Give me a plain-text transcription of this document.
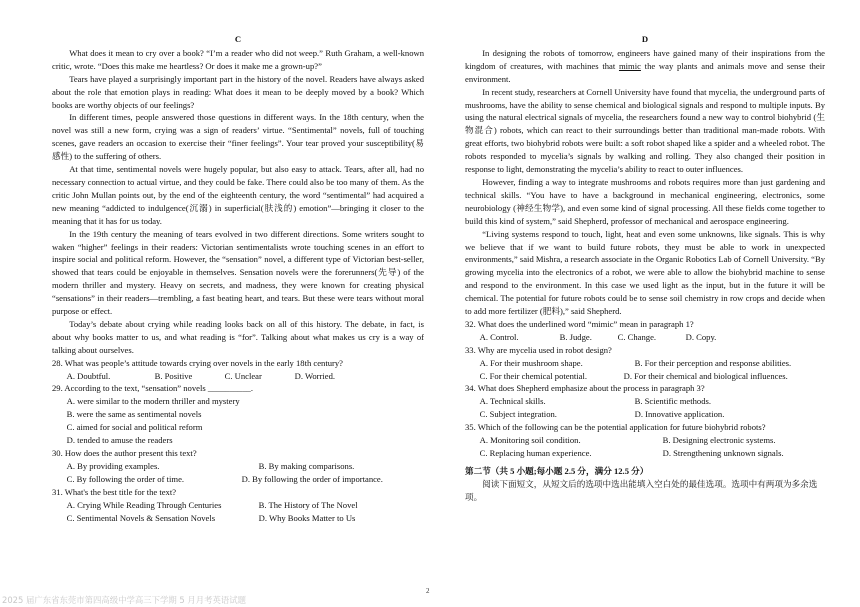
C

What does it mean to cry over a book? “I’m a reader who did not weep.” Ruth Graham, a well-known critic, wrote. “Does this make me heartless? Or does it make me a grown-up?”

Tears have played a surprisingly important part in the history of the novel. Readers have always asked about the role that emotion plays in reading: What does it mean to be deeply moved by a book? Which books are worthy objects of our feelings?

In different times, people answered those questions in different ways. In the 18th century, when the novel was still a new form, crying was a sign of readers’ virtue. “Sentimental” novels, full of touching scenes, gave readers an occasion to exercise their “finer feelings”. Your tear proved your susceptibility(易感性) to the suffering of others.

At that time, sentimental novels were hugely popular, but also easy to attack. Tears, after all, had no necessary connection to actual virtue, and they could be fake. There could also be too many of them. As the critic John Mullan points out, by the end of the eighteenth century, the word “sentimental” had acquired a new meaning “addicted to indulgence(沉溺) in superficial(肤浅的) emotion”—bringing it closer to the meaning that it has for us today.

In the 19th century the meaning of tears evolved in two different directions. Some writers sought to waken “higher” feelings in their readers: Victorian sentimentalists wrote touching scenes in an effort to inspire social and political reform. However, the “sensation” novel, a different type of Victorian best-seller, showed that tears could be enjoyable in themselves. Sensation novels were the forerunners(先导) of the modern thriller and mystery. Heavy on secrets, and madness, they were known for creating physical “sensations” in their readers—trembling, a fast beating heart, and tears. But these were tears without moral purpose or effect.

Today’s debate about crying while reading looks back on all of this history. The debate, in fact, is about why books matter to us, and what reading is “for”. Talking about what makes us cry is a way of talking about ourselves.

28. What was people’s attitude towards crying over novels in the early 18th century?

A. Doubtful.	B. Positive	C. Unclear	D. Worried.

29. According to the text, “sensation” novels __________.

A. were similar to the modern thriller and mystery

B. were the same as sentimental novels

C. aimed for social and political reform

D. tended to amuse the readers

30. How does the author present this text?

A. By providing examples.	B. By making comparisons.
C. By following the order of time.	D. By following the order of importance.

31. What's the best title for the text?

A. Crying While Reading Through Centuries	B. The History of The Novel
C. Sentimental Novels & Sensation Novels	D. Why Books Matter to Us
D

In designing the robots of tomorrow, engineers have gained many of their inspirations from the kingdom of creatures, with machines that mimic the way plants and animals move and sense their environment.

In recent study, researchers at Cornell University have found that mycelia, the underground parts of mushrooms, have the ability to sense chemical and biological signals and respond to multiple inputs. By using the natural electrical signals of mycelia, the researchers found a new way to control biohybrid (生物混合) robots, which can react to their surroundings better than traditional man-made robots. With great efforts, two biohybrid robots were built: a soft robot shaped like a spider and a wheeled robot. The robots responded to mycelia’s signals by walking and rolling. They also changed their position in response to light, demonstrating the mycelia’s ability to react to outer influences.

However, finding a way to integrate mushrooms and robots requires more than just gardening and technical skills. “You have to have a background in mechanical engineering, electronics, some neurobiology (神经生物学), and even some kind of signal processing. All these fields come together to build this kind of system,” said Shepherd, professor of mechanical and aerospace engineering.

“Living systems respond to touch, light, heat and even some unknowns, like signals. This is why we believe that if we want to build future robots, they must be able to work in unexpected environments,” said Mishra, a research associate in the Organic Robotics Lab of Cornell University. “By growing mycelia into the electronics of a robot, we were able to allow the biohybrid machine to sense and respond to the environment. In this case we used light as the input, but in the future it will be chemical. The potential for future robots could be to sense soil chemistry in row crops and decide when to add more fertilizer (肥料),” said Shepherd.

32. What does the underlined word “mimic” mean in paragraph 1?

A. Control.	B. Judge.	C. Change.	D. Copy.

33. Why are mycelia used in robot design?

A. For their mushroom shape.	B. For their perception and response abilities.
C. For their chemical potential.	D. For their chemical and biological influences.

34. What does Shepherd emphasize about the process in paragraph 3?

A. Technical skills.	B. Scientific methods.
C. Subject integration.	D. Innovative application.

35. Which of the following can be the potential application for future biohybrid robots?

A. Monitoring soil condition.	B. Designing electronic systems.
C. Replacing human experience.	D. Strengthening unknown signals.
第二节（共 5 小题;每小题 2.5 分，满分 12.5 分）

阅读下面短文，从短文后的选项中选出能填入空白处的最佳选项。选项中有两项为多余选项。

2
2025 届广东省东莞市第四高级中学高三下学期 5 月月考英语试题
